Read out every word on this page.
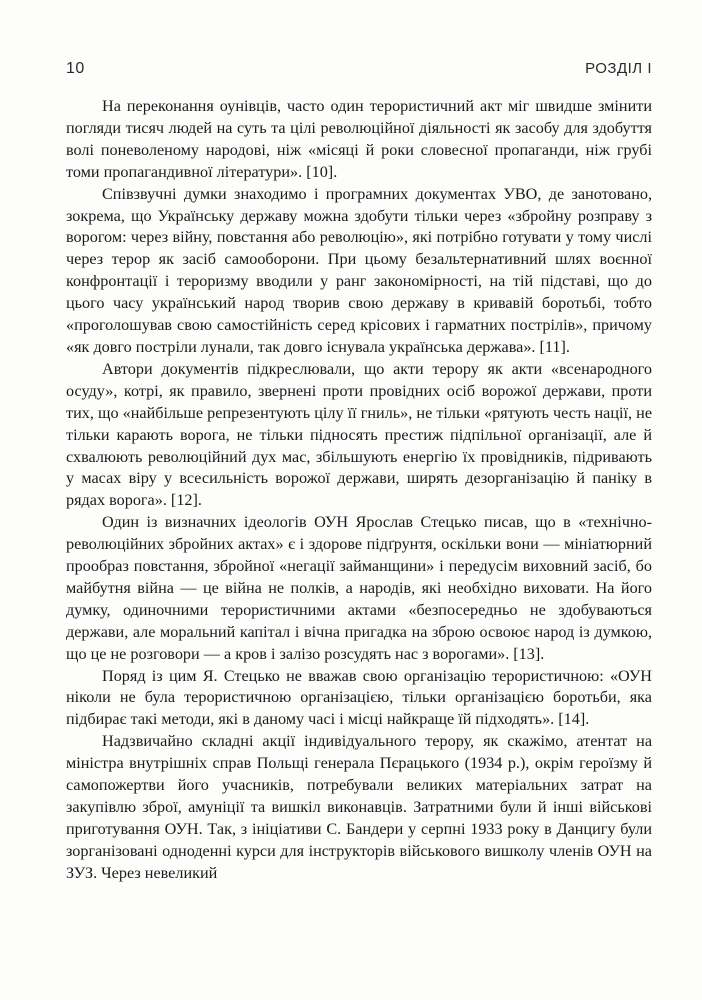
10	РОЗДІЛ І

На переконання оунівців, часто один терористичний акт міг швидше змінити погляди тисяч людей на суть та цілі революційної діяльності як засобу для здобуття волі поневоленому народові, ніж «місяці й роки словесної пропаганди, ніж грубі томи пропагандивної літератури». [10].

Співзвучні думки знаходимо і програмних документах УВО, де занотовано, зокрема, що Українську державу можна здобути тільки через «збройну розправу з ворогом: через війну, повстання або революцію», які потрібно готувати у тому числі через терор як засіб самооборони. При цьому безальтернативний шлях воєнної конфронтації і тероризму вводили у ранг закономірності, на тій підставі, що до цього часу український народ творив свою державу в кривавій боротьбі, тобто «проголошував свою самостійність серед крісових і гарматних пострілів», причому «як довго постріли лунали, так довго існувала українська держава». [11].

Автори документів підкреслювали, що акти терору як акти «всенародного осуду», котрі, як правило, звернені проти провідних осіб ворожої держави, проти тих, що «найбільше репрезентують цілу її гниль», не тільки «рятують честь нації, не тільки карають ворога, не тільки підносять престиж підпільної організації, але й схвалюють революційний дух мас, збільшують енергію їх провідників, підривають у масах віру у всесильність ворожої держави, ширять дезорганізацію й паніку в рядах ворога». [12].

Один із визначних ідеологів ОУН Ярослав Стецько писав, що в «технічно-революційних збройних актах» є і здорове підґрунтя, оскільки вони — мініатюрний прообраз повстання, збройної «негації займанщини» і передусім виховний засіб, бо майбутня війна — це війна не полків, а народів, які необхідно виховати. На його думку, одиночними терористичними актами «безпосередньо не здобуваються держави, але моральний капітал і вічна пригадка на зброю освоює народ із думкою, що це не розговори — а кров і залізо розсудять нас з ворогами». [13].

Поряд із цим Я. Стецько не вважав свою організацію терористичною: «ОУН ніколи не була терористичною організацією, тільки організацією боротьби, яка підбирає такі методи, які в даному часі і місці найкраще їй підходять». [14].

Надзвичайно складні акції індивідуального терору, як скажімо, атентат на міністра внутрішніх справ Польщі генерала Пєрацького (1934 р.), окрім героїзму й самопожертви його учасників, потребували великих матеріальних затрат на закупівлю зброї, амуніції та вишкіл виконавців. Затратними були й інші військові приготування ОУН. Так, з ініціативи С. Бандери у серпні 1933 року в Данцигу були зорганізовані одноденні курси для інструкторів військового вишколу членів ОУН на ЗУЗ. Через невеликий
